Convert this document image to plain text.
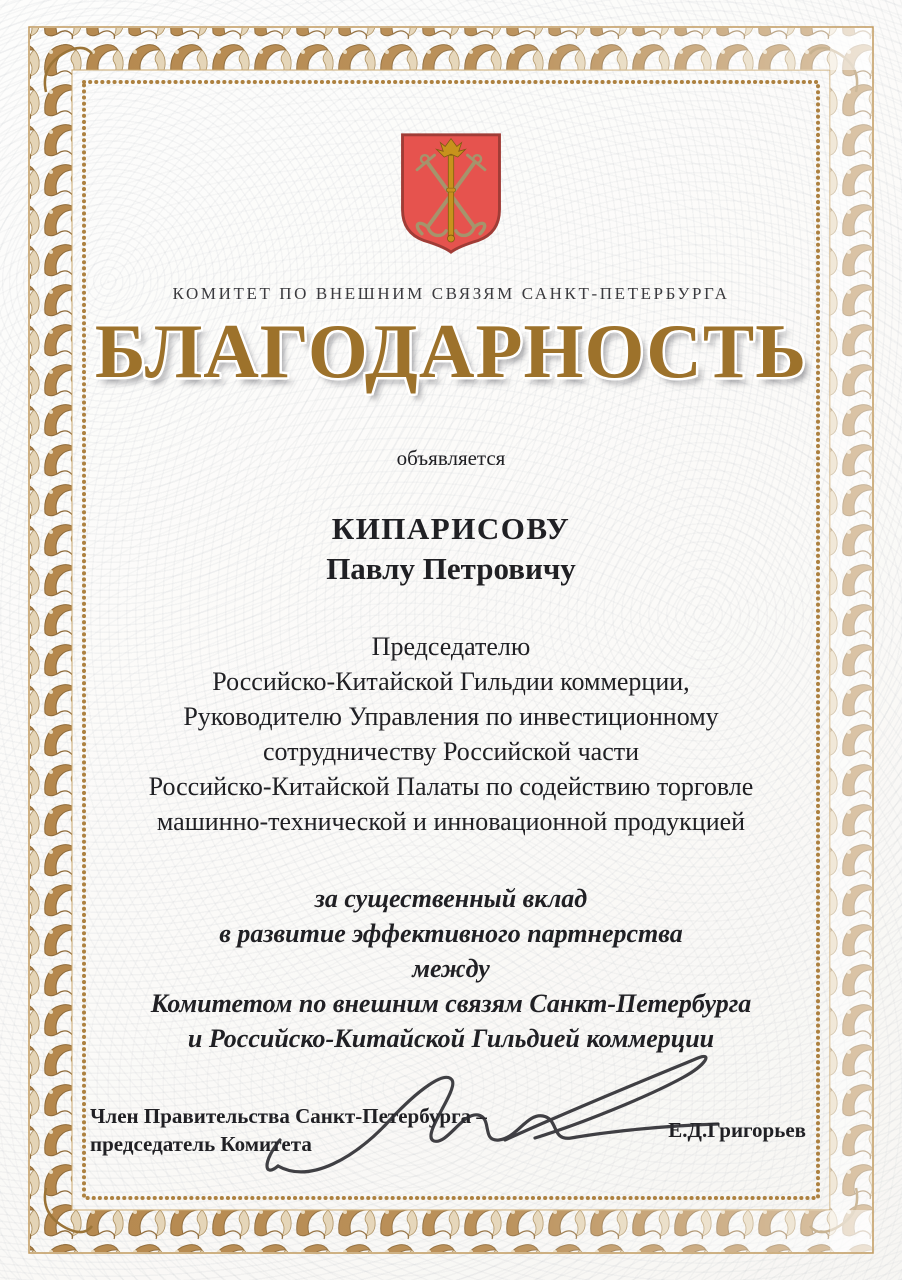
КОМИТЕТ ПО ВНЕШНИМ СВЯЗЯМ САНКТ-ПЕТЕРБУРГА
БЛАГОДАРНОСТЬ
объявляется
КИПАРИСОВУ
Павлу Петровичу
Председателю
Российско-Китайской Гильдии коммерции,
Руководителю Управления по инвестиционному
сотрудничеству Российской части
Российско-Китайской Палаты по содействию торговле
машинно-технической и инновационной продукцией
за существенный вклад
в развитие эффективного партнерства
между
Комитетом по внешним связям Санкт-Петербурга
и Российско-Китайской Гильдией коммерции
Член Правительства Санкт-Петербурга –
председатель Комитета
Е.Д.Григорьев
